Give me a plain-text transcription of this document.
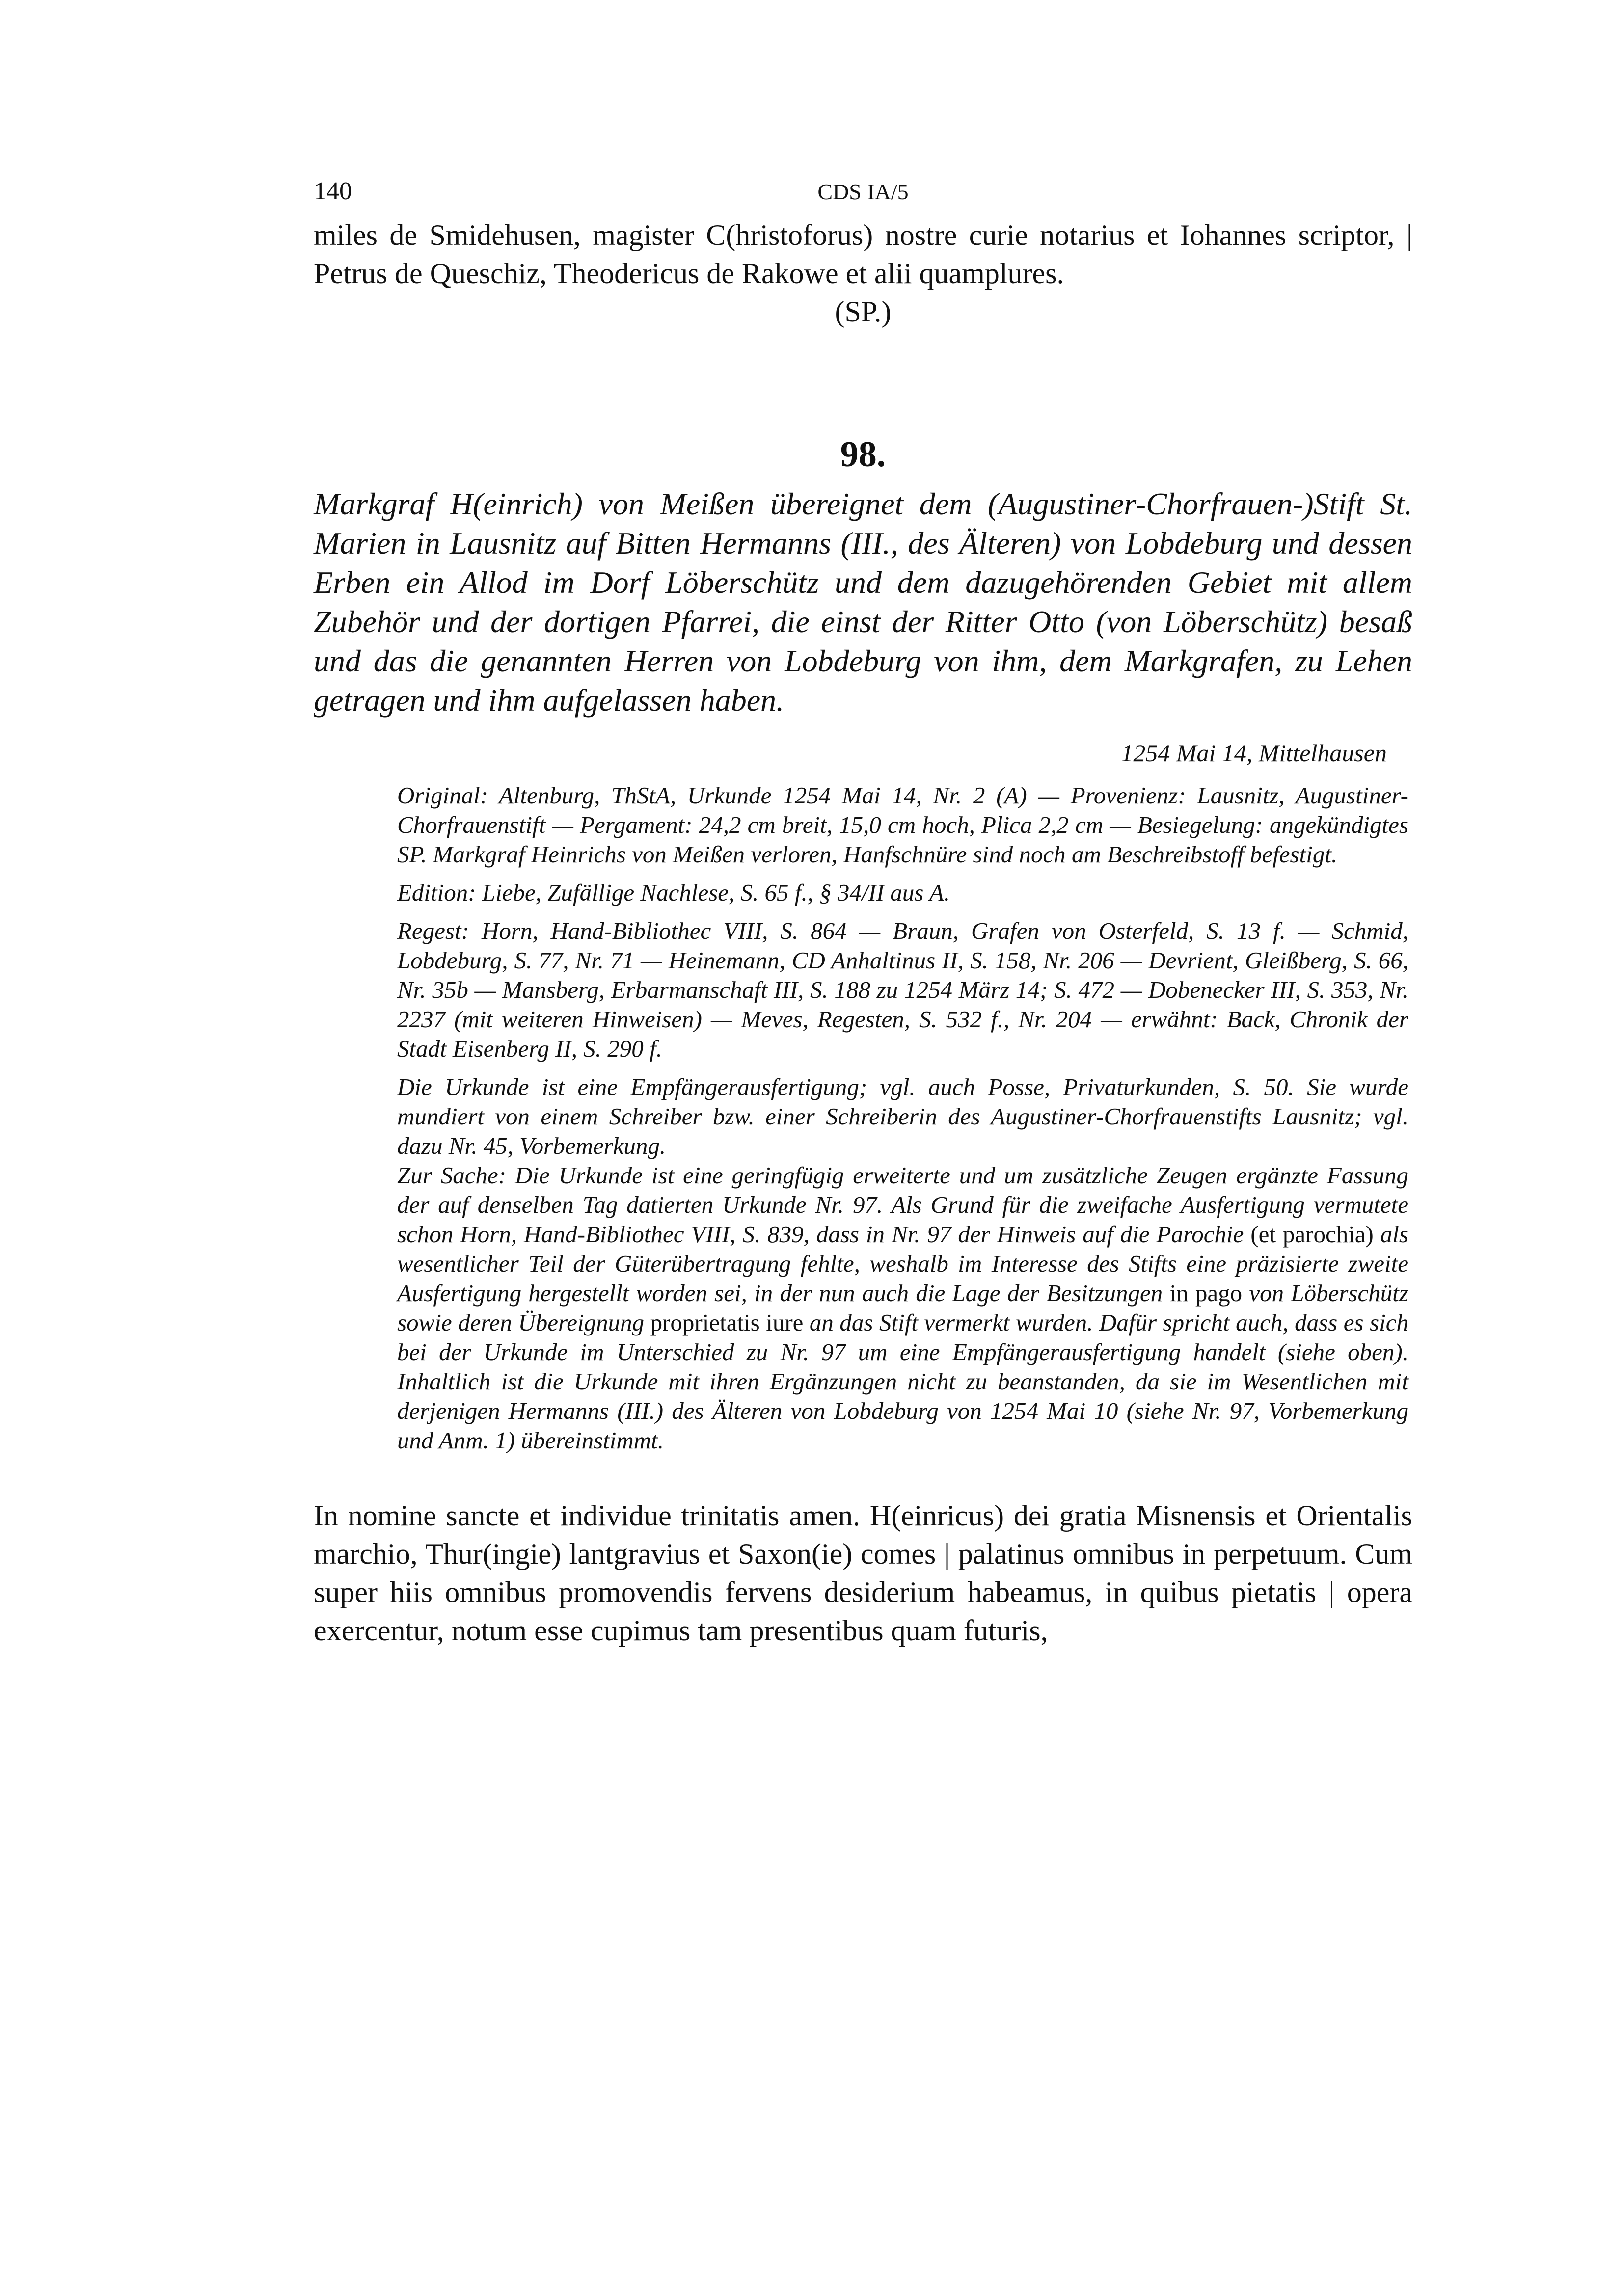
140	CDS IA/5

miles de Smidehusen, magister C(hristoforus) nostre curie notarius et Iohannes scriptor, | Petrus de Queschiz, Theodericus de Rakowe et alii quamplures.

(SP.)

98.

Markgraf H(einrich) von Meißen übereignet dem (Augustiner-Chorfrauen-)Stift St. Marien in Lausnitz auf Bitten Hermanns (III., des Älteren) von Lobdeburg und dessen Erben ein Allod im Dorf Löberschütz und dem dazugehörenden Gebiet mit allem Zubehör und der dortigen Pfarrei, die einst der Ritter Otto (von Löberschütz) besaß und das die genannten Herren von Lobdeburg von ihm, dem Markgrafen, zu Lehen getragen und ihm aufgelassen haben.

1254 Mai 14, Mittelhausen

Original: Altenburg, ThStA, Urkunde 1254 Mai 14, Nr. 2 (A) — Provenienz: Lausnitz, Augustiner-Chorfrauenstift — Pergament: 24,2 cm breit, 15,0 cm hoch, Plica 2,2 cm — Besiegelung: angekündigtes SP. Markgraf Heinrichs von Meißen verloren, Hanfschnüre sind noch am Beschreibstoff befestigt.

Edition: Liebe, Zufällige Nachlese, S. 65 f., § 34/II aus A.

Regest: Horn, Hand-Bibliothec VIII, S. 864 — Braun, Grafen von Osterfeld, S. 13 f. — Schmid, Lobdeburg, S. 77, Nr. 71 — Heinemann, CD Anhaltinus II, S. 158, Nr. 206 — Devrient, Gleißberg, S. 66, Nr. 35b — Mansberg, Erbarmanschaft III, S. 188 zu 1254 März 14; S. 472 — Dobenecker III, S. 353, Nr. 2237 (mit weiteren Hinweisen) — Meves, Regesten, S. 532 f., Nr. 204 — erwähnt: Back, Chronik der Stadt Eisenberg II, S. 290 f.

Die Urkunde ist eine Empfängerausfertigung; vgl. auch Posse, Privaturkunden, S. 50. Sie wurde mundiert von einem Schreiber bzw. einer Schreiberin des Augustiner-Chorfrauenstifts Lausnitz; vgl. dazu Nr. 45, Vorbemerkung.

Zur Sache: Die Urkunde ist eine geringfügig erweiterte und um zusätzliche Zeugen ergänzte Fassung der auf denselben Tag datierten Urkunde Nr. 97. Als Grund für die zweifache Ausfertigung vermutete schon Horn, Hand-Bibliothec VIII, S. 839, dass in Nr. 97 der Hinweis auf die Parochie (et parochia) als wesentlicher Teil der Güterübertragung fehlte, weshalb im Interesse des Stifts eine präzisierte zweite Ausfertigung hergestellt worden sei, in der nun auch die Lage der Besitzungen in pago von Löberschütz sowie deren Übereignung proprietatis iure an das Stift vermerkt wurden. Dafür spricht auch, dass es sich bei der Urkunde im Unterschied zu Nr. 97 um eine Empfängerausfertigung handelt (siehe oben). Inhaltlich ist die Urkunde mit ihren Ergänzungen nicht zu beanstanden, da sie im Wesentlichen mit derjenigen Hermanns (III.) des Älteren von Lobdeburg von 1254 Mai 10 (siehe Nr. 97, Vorbemerkung und Anm. 1) übereinstimmt.

In nomine sancte et individue trinitatis amen. H(einricus) dei gratia Misnensis et Orientalis marchio, Thur(ingie) lantgravius et Saxon(ie) comes | palatinus omnibus in perpetuum. Cum super hiis omnibus promovendis fervens desiderium habeamus, in quibus pietatis | opera exercentur, notum esse cupimus tam presentibus quam futuris,
